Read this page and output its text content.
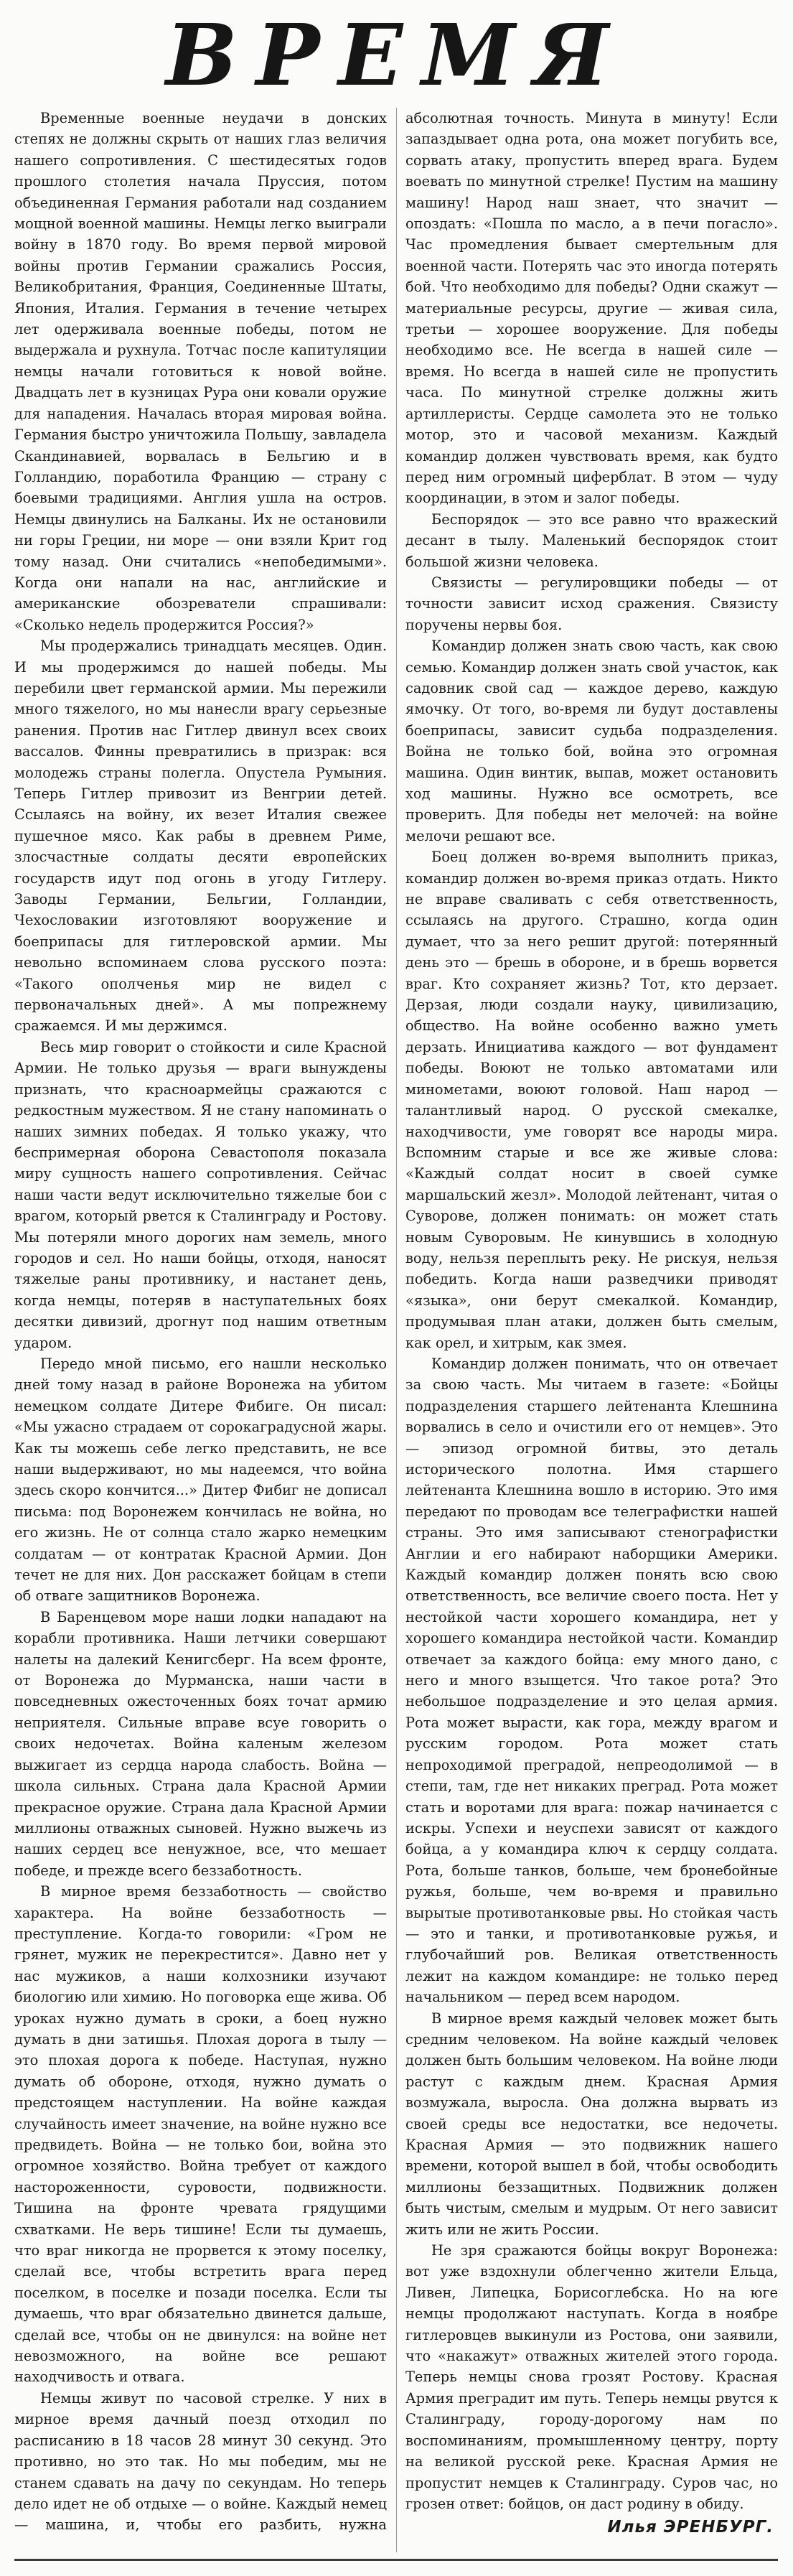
ВРЕМЯ

Временные военные неудачи в донских степях не должны скрыть от наших глаз величия нашего сопротивления. С шестидесятых годов прошлого столетия начала Пруссия, потом объединенная Германия работали над созданием мощной военной машины. Немцы легко выиграли войну в 1870 году. Во время первой мировой войны против Германии сражались Россия, Великобритания, Франция, Соединенные Штаты, Япония, Италия. Германия в течение четырех лет одерживала военные победы, потом не выдержала и рухнула. Тотчас после капитуляции немцы начали готовиться к новой войне. Двадцать лет в кузницах Рура они ковали оружие для нападения. Началась вторая мировая война. Германия быстро уничтожила Польшу, завладела Скандинавией, ворвалась в Бельгию и в Голландию, поработила Францию — страну с боевыми традициями. Англия ушла на остров. Немцы двинулись на Балканы. Их не остановили ни горы Греции, ни море — они взяли Крит год тому назад. Они считались «непобедимыми». Когда они напали на нас, английские и американские обозреватели спрашивали: «Сколько недель продержится Россия?»

Мы продержались тринадцать месяцев. Один. И мы продержимся до нашей победы. Мы перебили цвет германской армии. Мы пережили много тяжелого, но мы нанесли врагу серьезные ранения. Против нас Гитлер двинул всех своих вассалов. Финны превратились в призрак: вся молодежь страны полегла. Опустела Румыния. Теперь Гитлер привозит из Венгрии детей. Ссылаясь на войну, их везет Италия свежее пушечное мясо. Как рабы в древнем Риме, злосчастные солдаты десяти европейских государств идут под огонь в угоду Гитлеру. Заводы Германии, Бельгии, Голландии, Чехословакии изготовляют вооружение и боеприпасы для гитлеровской армии. Мы невольно вспоминаем слова русского поэта: «Такого ополченья мир не видел с первоначальных дней». А мы попрежнему сражаемся. И мы держимся.

Весь мир говорит о стойкости и силе Красной Армии. Не только друзья — враги вынуждены признать, что красноармейцы сражаются с редкостным мужеством. Я не стану напоминать о наших зимних победах. Я только укажу, что беспримерная оборона Севастополя показала миру сущность нашего сопротивления. Сейчас наши части ведут исключительно тяжелые бои с врагом, который рвется к Сталинграду и Ростову. Мы потеряли много дорогих нам земель, много городов и сел. Но наши бойцы, отходя, наносят тяжелые раны противнику, и настанет день, когда немцы, потеряв в наступательных боях десятки дивизий, дрогнут под нашим ответным ударом.

Передо мной письмо, его нашли несколько дней тому назад в районе Воронежа на убитом немецком солдате Дитере Фибиге. Он писал: «Мы ужасно страдаем от сорокаградусной жары. Как ты можешь себе легко представить, не все наши выдерживают, но мы надеемся, что война здесь скоро кончится...» Дитер Фибиг не дописал письма: под Воронежем кончилась не война, но его жизнь. Не от солнца стало жарко немецким солдатам — от контратак Красной Армии. Дон течет не для них. Дон расскажет бойцам в степи об отваге защитников Воронежа.

В Баренцевом море наши лодки нападают на корабли противника. Наши летчики совершают налеты на далекий Кенигсберг. На всем фронте, от Воронежа до Мурманска, наши части в повседневных ожесточенных боях точат армию неприятеля. Сильные вправе всуе говорить о своих недочетах. Война каленым железом выжигает из сердца народа слабость. Война — школа сильных. Страна дала Красной Армии прекрасное оружие. Страна дала Красной Армии миллионы отважных сыновей. Нужно выжечь из наших сердец все ненужное, все, что мешает победе, и прежде всего беззаботность.

В мирное время беззаботность — свойство характера. На войне беззаботность — преступление. Когда-то говорили: «Гром не грянет, мужик не перекрестится». Давно нет у нас мужиков, а наши колхозники изучают биологию или химию. Но поговорка еще жива. Об уроках нужно думать в сроки, а боец нужно думать в дни затишья. Плохая дорога в тылу — это плохая дорога к победе. Наступая, нужно думать об обороне, отходя, нужно думать о предстоящем наступлении. На войне каждая случайность имеет значение, на войне нужно все предвидеть. Война — не только бои, война это огромное хозяйство. Война требует от каждого настороженности, суровости, подвижности. Тишина на фронте чревата грядущими схватками. Не верь тишине! Если ты думаешь, что враг никогда не прорвется к этому поселку, сделай все, чтобы встретить врага перед поселком, в поселке и позади поселка. Если ты думаешь, что враг обязательно двинется дальше, сделай все, чтобы он не двинулся: на войне нет невозможного, на войне все решают находчивость и отвага.

Немцы живут по часовой стрелке. У них в мирное время дачный поезд отходил по расписанию в 18 часов 28 минут 30 секунд. Это противно, но это так. Но мы победим, мы не станем сдавать на дачу по секундам. Но теперь дело идет не об отдыхе — о войне. Каждый немец — машина, и, чтобы его разбить, нужна абсолютная точность. Минута в минуту! Если запаздывает одна рота, она может погубить все, сорвать атаку, пропустить вперед врага. Будем воевать по минутной стрелке! Пустим на машину машину! Народ наш знает, что значит — опоздать: «Пошла по масло, а в печи погасло». Час промедления бывает смертельным для военной части. Потерять час это иногда потерять бой. Что необходимо для победы? Одни скажут — материальные ресурсы, другие — живая сила, третьи — хорошее вооружение. Для победы необходимо все. Не всегда в нашей силе — время. Но всегда в нашей силе не пропустить часа. По минутной стрелке должны жить артиллеристы. Сердце самолета это не только мотор, это и часовой механизм. Каждый командир должен чувствовать время, как будто перед ним огромный циферблат. В этом — чуду координации, в этом и залог победы.

Беспорядок — это все равно что вражеский десант в тылу. Маленький беспорядок стоит большой жизни человека.

Связисты — регулировщики победы — от точности зависит исход сражения. Связисту поручены нервы боя.

Командир должен знать свою часть, как свою семью. Командир должен знать свой участок, как садовник свой сад — каждое дерево, каждую ямочку. От того, во-время ли будут доставлены боеприпасы, зависит судьба подразделения. Война не только бой, война это огромная машина. Один винтик, выпав, может остановить ход машины. Нужно все осмотреть, все проверить. Для победы нет мелочей: на войне мелочи решают все.

Боец должен во-время выполнить приказ, командир должен во-время приказ отдать. Никто не вправе сваливать с себя ответственность, ссылаясь на другого. Страшно, когда один думает, что за него решит другой: потерянный день это — брешь в обороне, и в брешь ворвется враг. Кто сохраняет жизнь? Тот, кто дерзает. Дерзая, люди создали науку, цивилизацию, общество. На войне особенно важно уметь дерзать. Инициатива каждого — вот фундамент победы. Воюют не только автоматами или минометами, воюют головой. Наш народ — талантливый народ. О русской смекалке, находчивости, уме говорят все народы мира. Вспомним старые и все же живые слова: «Каждый солдат носит в своей сумке маршальский жезл». Молодой лейтенант, читая о Суворове, должен понимать: он может стать новым Суворовым. Не кинувшись в холодную воду, нельзя переплыть реку. Не рискуя, нельзя победить. Когда наши разведчики приводят «языка», они берут смекалкой. Командир, продумывая план атаки, должен быть смелым, как орел, и хитрым, как змея.

Командир должен понимать, что он отвечает за свою часть. Мы читаем в газете: «Бойцы подразделения старшего лейтенанта Клешнина ворвались в село и очистили его от немцев». Это — эпизод огромной битвы, это деталь исторического полотна. Имя старшего лейтенанта Клешнина вошло в историю. Это имя передают по проводам все телеграфистки нашей страны. Это имя записывают стенографистки Англии и его набирают наборщики Америки. Каждый командир должен понять всю свою ответственность, все величие своего поста. Нет у нестойкой части хорошего командира, нет у хорошего командира нестойкой части. Командир отвечает за каждого бойца: ему много дано, с него и много взыщется. Что такое рота? Это небольшое подразделение и это целая армия. Рота может вырасти, как гора, между врагом и русским городом. Рота может стать непроходимой преградой, непреодолимой — в степи, там, где нет никаких преград. Рота может стать и воротами для врага: пожар начинается с искры. Успехи и неуспехи зависят от каждого бойца, а у командира ключ к сердцу солдата. Рота, больше танков, больше, чем бронебойные ружья, больше, чем во-время и правильно вырытые противотанковые рвы. Но стойкая часть — это и танки, и противотанковые ружья, и глубочайший ров. Великая ответственность лежит на каждом командире: не только перед начальником — перед всем народом.

В мирное время каждый человек может быть средним человеком. На войне каждый человек должен быть большим человеком. На войне люди растут с каждым днем. Красная Армия возмужала, выросла. Она должна вырвать из своей среды все недостатки, все недочеты. Красная Армия — это подвижник нашего времени, которой вышел в бой, чтобы освободить миллионы беззащитных. Подвижник должен быть чистым, смелым и мудрым. От него зависит жить или не жить России.

Не зря сражаются бойцы вокруг Воронежа: вот уже вздохнули облегченно жители Ельца, Ливен, Липецка, Борисоглебска. Но на юге немцы продолжают наступать. Когда в ноябре гитлеровцев выкинули из Ростова, они заявили, что «накажут» отважных жителей этого города. Теперь немцы снова грозят Ростову. Красная Армия преградит им путь. Теперь немцы рвутся к Сталинграду, городу-дорогому нам по воспоминаниям, промышленному центру, порту на великой русской реке. Красная Армия не пропустит немцев к Сталинграду. Суров час, но грозен ответ: бойцов, он даст родину в обиду.

Илья ЭРЕНБУРГ.
